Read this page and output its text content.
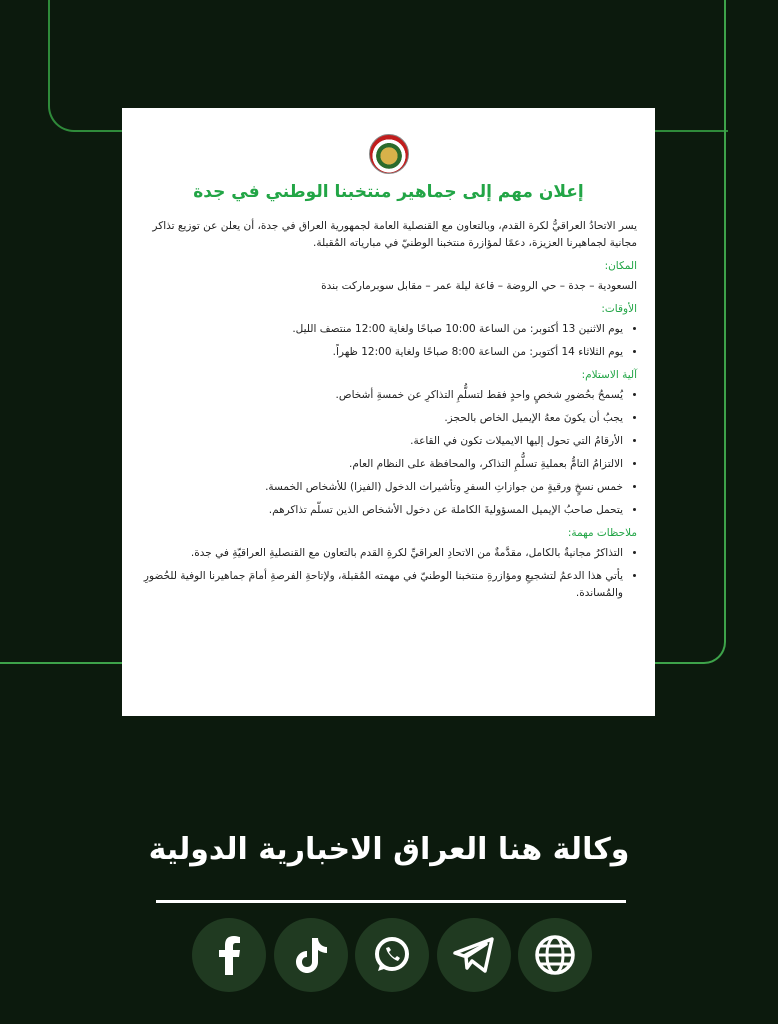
إعلان مهم إلى جماهير منتخبنا الوطني في جدة

يسر الاتحادُ العراقيُّ لكرة القدم، وبالتعاون مع القنصلية العامة لجمهورية العراق في جدة، أن يعلن عن توزيع تذاكر مجانية لجماهيرنا العزيزة، دعمًا لمؤازرة منتخبنا الوطنيّ في مبارياته المُقبلة.

المكان:

السعودية – جدة – حي الروضة – قاعة ليلة عمر – مقابل سوبرماركت بندة

الأوقات:
• يوم الاثنين 13 أكتوبر: من الساعة 10:00 صباحًا ولغاية 12:00 منتصف الليل.
• يوم الثلاثاء 14 أكتوبر: من الساعة 8:00 صباحًا ولغاية 12:00 ظهراً.
آلية الاستلام:
• يُسمحُ بحُضورِ شخصٍ واحدٍ فقط لتسلُّمِ التذاكرِ عن خمسةِ أشخاص.
• يجبُ أن يكونَ معهُ الإيميل الخاص بالحجز.
• الأرقامُ التي تحول إليها الايميلات تكون في القاعة.
• الالتزامُ التامُّ بعمليةِ تسلُّمِ التذاكر، والمحافظة على النظام العام.
• خمس نسخٍ ورقيةٍ من جوازاتِ السفرِ وتأشيرات الدخول (الفيزا) للأشخاص الخمسة.
• يتحمل صاحبُ الإيميل المسؤوليةَ الكاملة عن دخول الأشخاص الذين تسلّم تذاكرهم.
ملاحظات مهمة:
• التذاكرُ مجانيةٌ بالكامل، مقدَّمةٌ من الاتحادِ العراقيِّ لكرةِ القدم بالتعاون مع القنصليةِ العراقيّةِ في جدة.
• يأتي هذا الدعمُ لتشجيعِ ومؤازرةِ منتخبنا الوطنيّ في مهمته المُقبلة، ولإتاحةِ الفرصةِ أمامَ جماهيرنا الوفية للحُضورِ والمُساندة.
وكالة هنا العراق الاخبارية الدولية
